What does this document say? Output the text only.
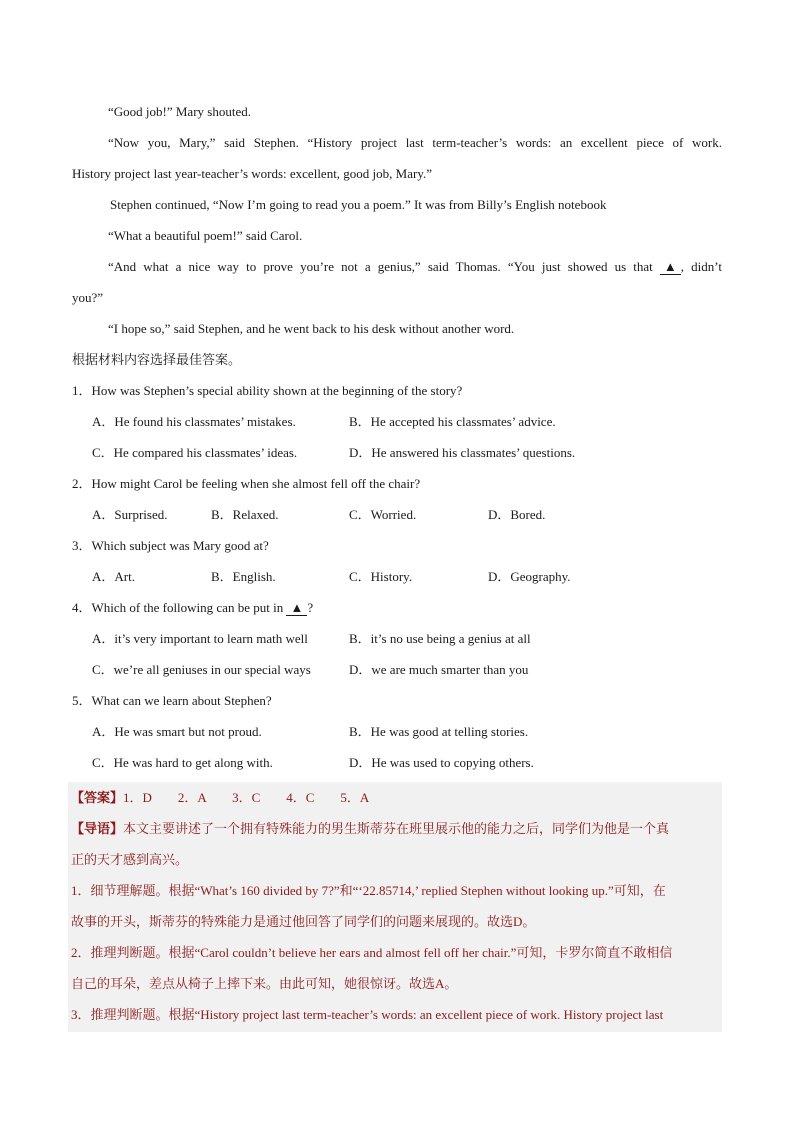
“Good job!” Mary shouted.
“Now you, Mary,” said Stephen. “History project last term-teacher’s words: an excellent piece of work.
History project last year-teacher’s words: excellent, good job, Mary.”
Stephen continued, “Now I’m going to read you a poem.” It was from Billy’s English notebook
“What a beautiful poem!” said Carol.
“And what a nice way to prove you’re not a genius,” said Thomas. “You just showed us that ▲ , didn’t
you?”
“I hope so,” said Stephen, and he went back to his desk without another word.
根据材料内容选择最佳答案。
1．How was Stephen’s special ability shown at the beginning of the story?
A．He found his classmates’ mistakes.	B．He accepted his classmates’ advice.
C．He compared his classmates’ ideas.	D．He answered his classmates’ questions.
2．How might Carol be feeling when she almost fell off the chair?
A．Surprised.	B．Relaxed.	C．Worried.	D．Bored.
3．Which subject was Mary good at?
A．Art.	B．English.	C．History.	D．Geography.
4．Which of the following can be put in ▲ ?
A．it’s very important to learn math well	B．it’s no use being a genius at all
C．we’re all geniuses in our special ways	D．we are much smarter than you
5．What can we learn about Stephen?
A．He was smart but not proud.	B．He was good at telling stories.
C．He was hard to get along with.	D．He was used to copying others.
【答案】1．D　　2．A　　3．C　　4．C　　5．A
【导语】本文主要讲述了一个拥有特殊能力的男生斯蒂芬在班里展示他的能力之后，同学们为他是一个真
正的天才感到高兴。
1．细节理解题。根据“What’s 160 divided by 7?”和“‘22.85714,’ replied Stephen without looking up.”可知，在
故事的开头，斯蒂芬的特殊能力是通过他回答了同学们的问题来展现的。故选D。
2．推理判断题。根据“Carol couldn’t believe her ears and almost fell off her chair.”可知，卡罗尔简直不敢相信
自己的耳朵，差点从椅子上摔下来。由此可知，她很惊讶。故选A。
3．推理判断题。根据“History project last term-teacher’s words: an excellent piece of work. History project last
